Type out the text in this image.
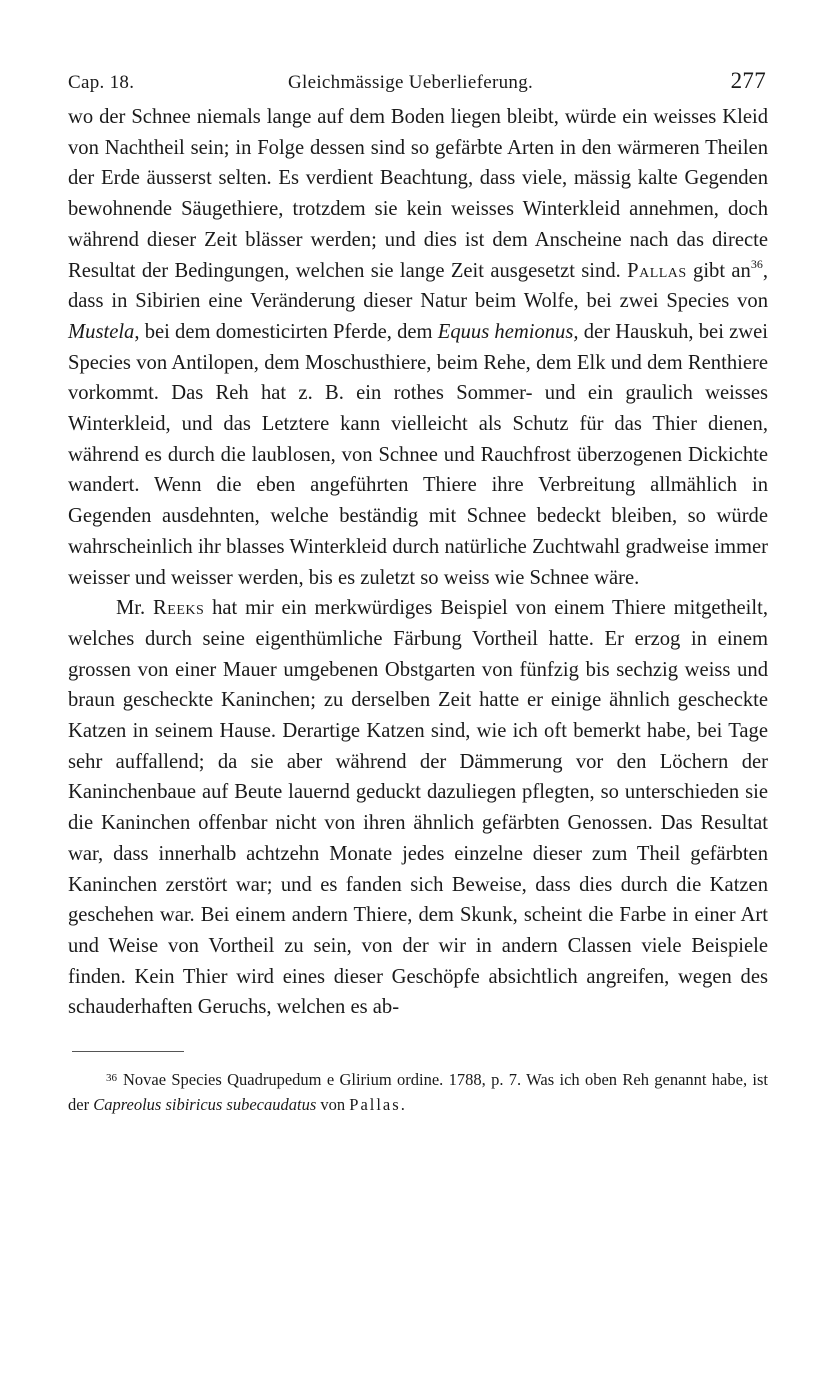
Cap. 18.	Gleichmässige Ueberlieferung.	277

wo der Schnee niemals lange auf dem Boden liegen bleibt, würde ein weisses Kleid von Nachtheil sein; in Folge dessen sind so gefärbte Arten in den wärmeren Theilen der Erde äusserst selten. Es verdient Beachtung, dass viele, mässig kalte Gegenden bewohnende Säugethiere, trotzdem sie kein weisses Winterkleid annehmen, doch während dieser Zeit blässer werden; und dies ist dem Anscheine nach das directe Resultat der Bedingungen, welchen sie lange Zeit ausgesetzt sind. Pallas gibt $an^{36}$, dass in Sibirien eine Veränderung dieser Natur beim Wolfe, bei zwei Species von Mustela, bei dem domesticirten Pferde, dem Equus hemionus, der Hauskuh, bei zwei Species von Antilopen, dem Moschusthiere, beim Rehe, dem Elk und dem Renthiere vorkommt. Das Reh hat z. B. ein rothes Sommer- und ein graulich weisses Winterkleid, und das Letztere kann vielleicht als Schutz für das Thier dienen, während es durch die laublosen, von Schnee und Rauchfrost überzogenen Dickichte wandert. Wenn die eben angeführten Thiere ihre Verbreitung allmählich in Gegenden ausdehnten, welche beständig mit Schnee bedeckt bleiben, so würde wahrscheinlich ihr blasses Winterkleid durch natürliche Zuchtwahl gradweise immer weisser und weisser werden, bis es zuletzt so weiss wie Schnee wäre.

Mr. Reeks hat mir ein merkwürdiges Beispiel von einem Thiere mitgetheilt, welches durch seine eigenthümliche Färbung Vortheil hatte. Er erzog in einem grossen von einer Mauer umgebenen Obstgarten von fünfzig bis sechzig weiss und braun gescheckte Kaninchen; zu derselben Zeit hatte er einige ähnlich gescheckte Katzen in seinem Hause. Derartige Katzen sind, wie ich oft bemerkt habe, bei Tage sehr auffallend; da sie aber während der Dämmerung vor den Löchern der Kaninchenbaue auf Beute lauernd geduckt dazuliegen pflegten, so unterschieden sie die Kaninchen offenbar nicht von ihren ähnlich gefärbten Genossen. Das Resultat war, dass innerhalb achtzehn Monate jedes einzelne dieser zum Theil gefärbten Kaninchen zerstört war; und es fanden sich Beweise, dass dies durch die Katzen geschehen war. Bei einem andern Thiere, dem Skunk, scheint die Farbe in einer Art und Weise von Vortheil zu sein, von der wir in andern Classen viele Beispiele finden. Kein Thier wird eines dieser Geschöpfe absichtlich angreifen, wegen des schauderhaften Geruchs, welchen es ab-

$^{36}$ Novae Species Quadrupedum e Glirium ordine. 1788, p. 7. Was ich oben Reh genannt habe, ist der Capreolus sibiricus subecaudatus von Pallas.
